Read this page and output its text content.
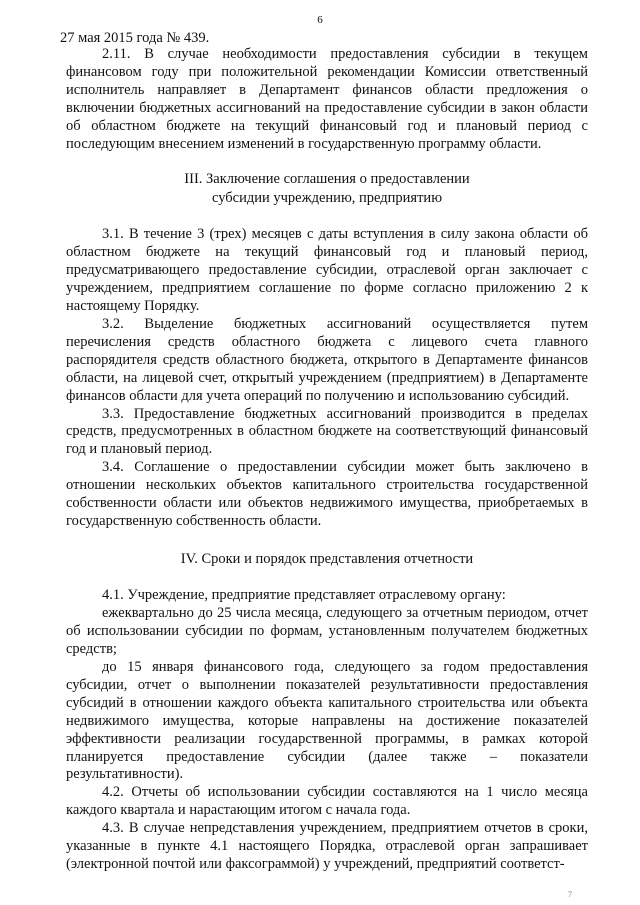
6
27 мая 2015 года № 439.

2.11. В случае необходимости предоставления субсидии в текущем финансовом году при положительной рекомендации Комиссии ответственный исполнитель направляет в Департамент финансов области предложения о включении бюджетных ассигнований на предоставление субсидии в закон области об областном бюджете на текущий финансовый год и плановый период с последующим внесением изменений в государственную программу области.

III. Заключение соглашения о предоставлении
субсидии учреждению, предприятию

3.1. В течение 3 (трех) месяцев с даты вступления в силу закона области об областном бюджете на текущий финансовый год и плановый период, предусматривающего предоставление субсидии, отраслевой орган заключает с учреждением, предприятием соглашение по форме согласно приложению 2 к настоящему Порядку.

3.2. Выделение бюджетных ассигнований осуществляется путем перечисления средств областного бюджета с лицевого счета главного распорядителя средств областного бюджета, открытого в Департаменте финансов области, на лицевой счет, открытый учреждением (предприятием) в Департаменте финансов области для учета операций по получению и использованию субсидий.

3.3. Предоставление бюджетных ассигнований производится в пределах средств, предусмотренных в областном бюджете на соответствующий финансовый год и плановый период.

3.4. Соглашение о предоставлении субсидии может быть заключено в отношении нескольких объектов капитального строительства государственной собственности области или объектов недвижимого имущества, приобретаемых в государственную собственность области.

IV. Сроки и порядок представления отчетности

4.1. Учреждение, предприятие представляет отраслевому органу:

ежеквартально до 25 числа месяца, следующего за отчетным периодом, отчет об использовании субсидии по формам, установленным получателем бюджетных средств;

до 15 января финансового года, следующего за годом предоставления субсидии, отчет о выполнении показателей результативности предоставления субсидий в отношении каждого объекта капитального строительства или объекта недвижимого имущества, которые направлены на достижение показателей эффективности реализации государственной программы, в рамках которой планируется предоставление субсидии (далее также – показатели результативности).

4.2. Отчеты об использовании субсидии составляются на 1 число месяца каждого квартала и нарастающим итогом с начала года.

4.3. В случае непредставления учреждением, предприятием отчетов в сроки, указанные в пункте 4.1 настоящего Порядка, отраслевой орган запрашивает (электронной почтой или факсограммой) у учреждений, предприятий соответст-

7
